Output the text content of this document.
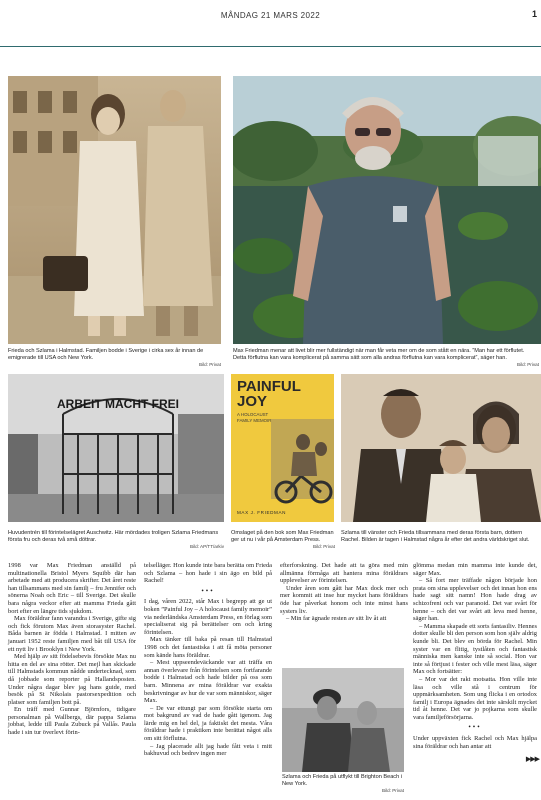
MÅNDAG 21 MARS 2022	1
Frieda och Szlama i Halmstad. Familjen bodde i Sverige i cirka sex år innan de emigrerade till USA och New York.
Bild: Privat
Max Friedman menar att livet blir mer fullständigt när man får veta mer om de som stått en nära. ”Man har ett förflutet. Detta förflutna kan vara komplicerat på samma sätt som alla andras förflutna kan vara komplicerat”, säger han.
Bild: Privat
ARBEIT MACHT FREI
Huvudentrén till förintelselägret Auschwitz. Här mördades troligen Szlama Friedmans första fru och deras två små döttrar.
Bild: AP/TT/arkiv
PAINFUL JOY
A HOLOCAUST FAMILY MEMOIR
MAX J. FRIEDMAN
Omslaget på den bok som Max Friedman ger ut nu i vår på Amsterdam Press.
Bild: Privat
Szlama till vänster och Frieda tillsammans med deras första barn, dottern Rachel. Bilden är tagen i Halmstad några år efter det andra världskriget slut.

1998 var Max Friedman anställd på multinationella Bristol Myers Squibb där han arbetade med att producera skrifter. Det året reste han tillsammans med sin familj – fru Jennifer och sönerna Noah och Eric – till Sverige. Det skulle bara några veckor efter att mamma Frieda gått bort efter en längre tids sjukdom.

Max föräldrar fann varandra i Sverige, gifte sig och fick förutom Max även storasyster Rachel. Båda barnen är födda i Halmstad. I mitten av januari 1952 reste familjen med båt till USA för ett nytt liv i Brooklyn i New York.

Med hjälp av sitt födelsebevis försökte Max nu hitta en del av sina rötter. Det mejl han skickade till Halmstads kommun nådde undertecknad, som då jobbade som reporter på Hallandsposten. Under några dagar blev jag hans guide, med besök på St Nikolais pastorsexpedition och platser som familjen bott på.

En träff med Gunnar Björnfors, tidigare personalman på Wallbergs, där pappa Szlama jobbat, ledde till Paula Zubuck på Vallås. Paula hade i sin tur överlevt förin-

telselläger. Hon kunde inte bara berätta om Frieda och Szlama – hon hade i sin ägo en bild på Rachel!

•••

I dag, våren 2022, står Max i begrepp att ge ut boken ”Painful Joy – A holocaust family memoir” via nederländska Amsterdam Press, en förlag som specialiserat sig på berättelser om och kring förintelsen.

Max tänker till baka på resan till Halmstad 1998 och det fantastiska i att få möta personer som kände hans föräldrar.

– Mest uppseendeväckande var att träffa en annan överlevare från förintelsen som fortfarande bodde i Halmstad och hade bilder på oss som barn. Minnena av mina föräldrar var exakta beskrivningar av hur de var som människor, säger Max.

– De var ettungt par som försökte starta om mot bakgrund av vad de hade gått igenom. Jag lärde mig en hel del, ja faktiskt det mesta. Våra föräldrar hade i praktiken inte berättat något alls om sitt förflutna.

– Jag placerade allt jag hade fått veta i mitt bakhuvud och bedrev ingen mer

efterforskning. Det hade att ta göra med min allmänna förmåga att hantera mina föräldrars upplevelser av förintelsen.

Under åren som gått har Max dock mer och mer kommit att inse hur mycket hans föräldrars öde har påverkat honom och inte minst hans systers liv.

– Min far ägnade resten av sitt liv åt att

Szlama och Frieda på utflykt till Brighton Beach i New York.
Bild: Privat

glömma medan min mamma inte kunde det, säger Max.

– Så fort mer träffade någon började hon prata om sina upplevelser och det innan hon ens hade sagt sitt namn! Hon hade drag av schizofreni och var paranoid. Det var svårt för henne – och det var svårt att leva med henne, säger han.

– Mamma skapade ett sorts fantasiliv. Hennes dotter skulle bli den person som hon själv aldrig kunde bli. Det blev en börda för Rachel. Min syster var en flitig, tystlåten och fantastisk människa men kanske inte så social. Hon var inte så förtjust i fester och ville mest läsa, säger Max och fortsätter:

– Mor var det rakt motsatta. Hon ville inte läsa och ville stå i centrum för uppmärksamheten. Som ung flicka i en ortodox familj i Europa ägnades det inte särskilt mycket tid åt henne. Det var jo pojkarna som skulle vara familjeförsörjarna.

•••

Under uppväxten fick Rachel och Max hjälpa sina föräldrar och han antar att

▶▶▶
